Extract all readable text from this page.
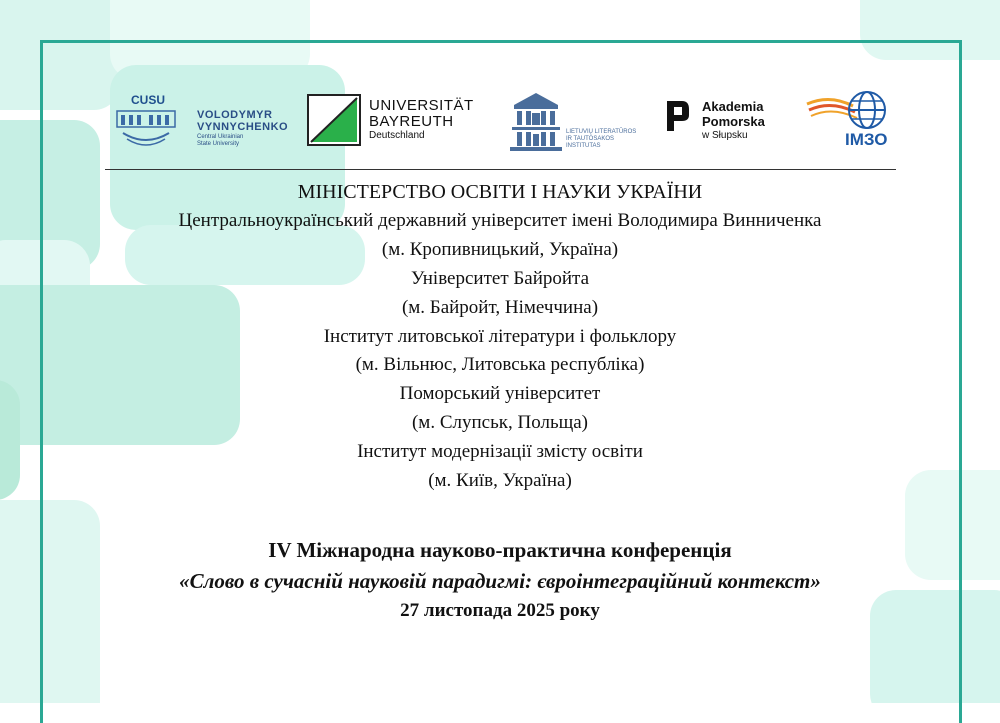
CUSU
VOLODYMYR
VYNNYCHENKO
Central Ukrainian
State University
UNIVERSITÄT
BAYREUTH
Deutschland	LIETUVIŲ LITERATŪROS
IR TAUTOSAKOS
INSTITUTAS
Akademia
Pomorska
w Słupsku	ІМЗО

МІНІСТЕРСТВО ОСВІТИ І НАУКИ УКРАЇНИ

Центральноукраїнський державний університет імені Володимира Винниченка

(м. Кропивницький, Україна)

Університет Байройта

(м. Байройт, Німеччина)

Інститут литовської літератури і фольклору

(м. Вільнюс, Литовська республіка)

Поморський університет

(м. Слупськ, Польща)

Інститут модернізації змісту освіти

(м. Київ, Україна)

IV Міжнародна науково-практична конференція
«Слово в сучасній науковій парадигмі: євроінтеграційний контекст»
27 листопада 2025 року
